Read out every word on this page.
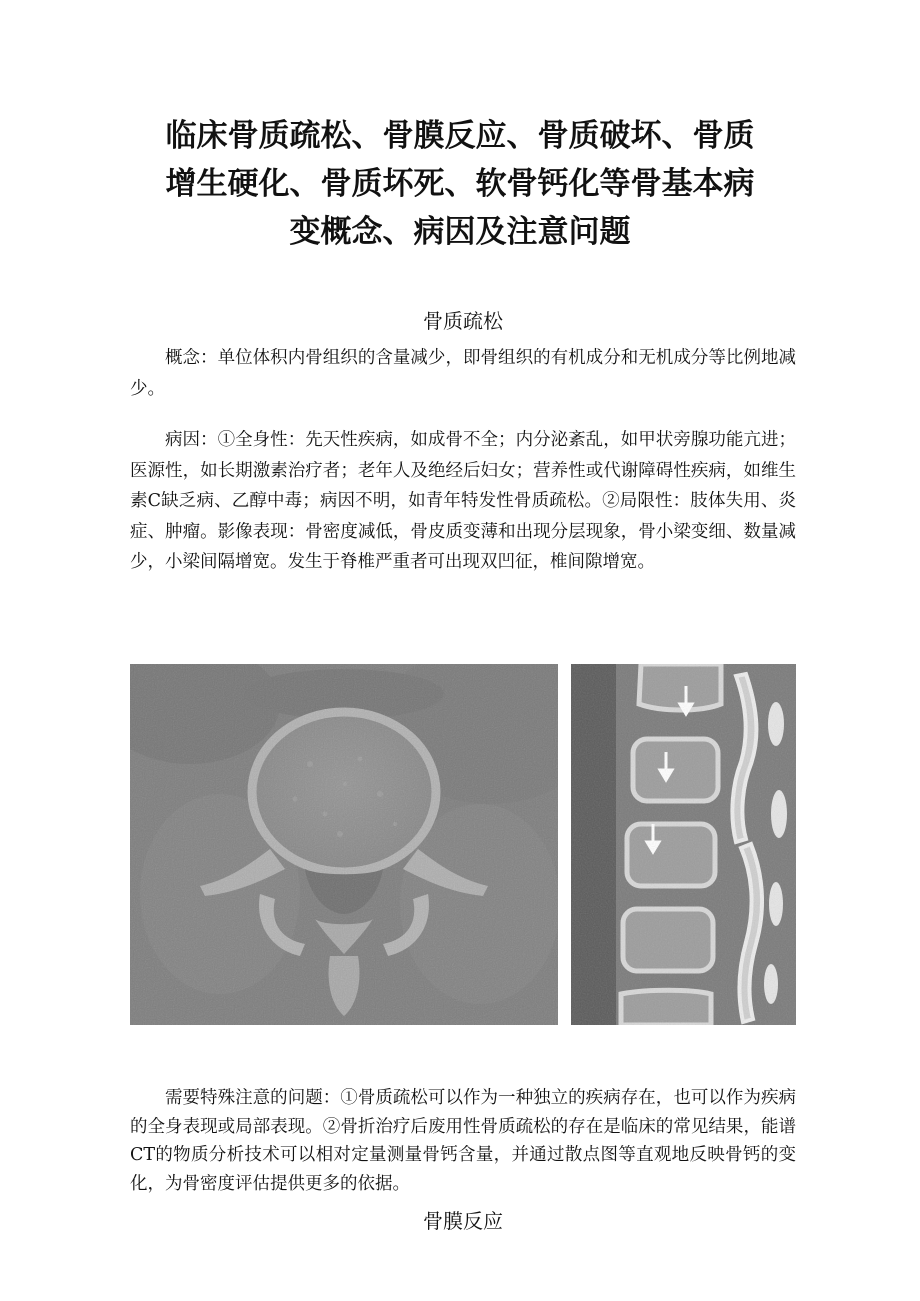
临床骨质疏松、骨膜反应、骨质破坏、骨质
增生硬化、骨质坏死、软骨钙化等骨基本病
变概念、病因及注意问题
骨质疏松

概念：单位体积内骨组织的含量减少，即骨组织的有机成分和无机成分等比例地减少。

病因：①全身性：先天性疾病，如成骨不全；内分泌紊乱，如甲状旁腺功能亢进；医源性，如长期激素治疗者；老年人及绝经后妇女；营养性或代谢障碍性疾病，如维生素C缺乏病、乙醇中毒；病因不明，如青年特发性骨质疏松。②局限性：肢体失用、炎症、肿瘤。影像表现：骨密度减低，骨皮质变薄和出现分层现象，骨小梁变细、数量减少，小梁间隔增宽。发生于脊椎严重者可出现双凹征，椎间隙增宽。

需要特殊注意的问题：①骨质疏松可以作为一种独立的疾病存在，也可以作为疾病的全身表现或局部表现。②骨折治疗后废用性骨质疏松的存在是临床的常见结果，能谱CT的物质分析技术可以相对定量测量骨钙含量，并通过散点图等直观地反映骨钙的变化，为骨密度评估提供更多的依据。

骨膜反应
